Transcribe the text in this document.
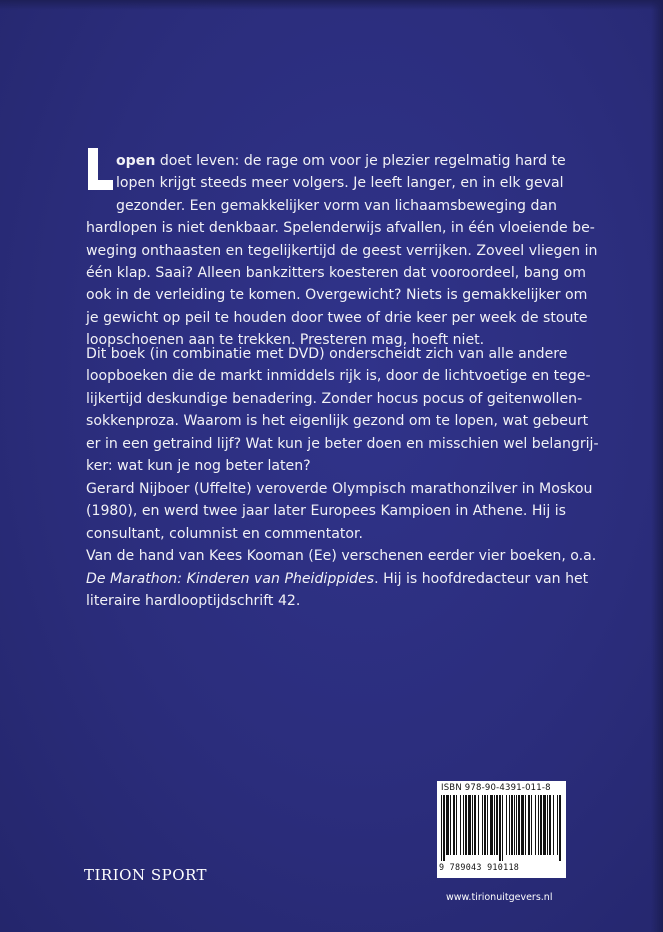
open doet leven: de rage om voor je plezier regelmatig hard te
lopen krijgt steeds meer volgers. Je leeft langer, en in elk geval
gezonder. Een gemakkelijker vorm van lichaamsbeweging dan
hardlopen is niet denkbaar. Spelenderwijs afvallen, in één vloeiende be-
weging onthaasten en tegelijkertijd de geest verrijken. Zoveel vliegen in
één klap. Saai? Alleen bankzitters koesteren dat vooroordeel, bang om
ook in de verleiding te komen. Overgewicht? Niets is gemakkelijker om
je gewicht op peil te houden door twee of drie keer per week de stoute
loopschoenen aan te trekken. Presteren mag, hoeft niet.
Dit boek (in combinatie met DVD) onderscheidt zich van alle andere
loopboeken die de markt inmiddels rijk is, door de lichtvoetige en tege-
lijkertijd deskundige benadering. Zonder hocus pocus of geitenwollen-
sokkenproza. Waarom is het eigenlijk gezond om te lopen, wat gebeurt
er in een getraind lijf? Wat kun je beter doen en misschien wel belangrij-
ker: wat kun je nog beter laten?
Gerard Nijboer (Uffelte) veroverde Olympisch marathonzilver in Moskou
(1980), en werd twee jaar later Europees Kampioen in Athene. Hij is
consultant, columnist en commentator.
Van de hand van Kees Kooman (Ee) verschenen eerder vier boeken, o.a.
De Marathon: Kinderen van Pheidippides. Hij is hoofdredacteur van het
literaire hardlooptijdschrift 42.
TIRION SPORT
ISBN 978-90-4391-011-8
9 789043 910118
www.tirionuitgevers.nl
